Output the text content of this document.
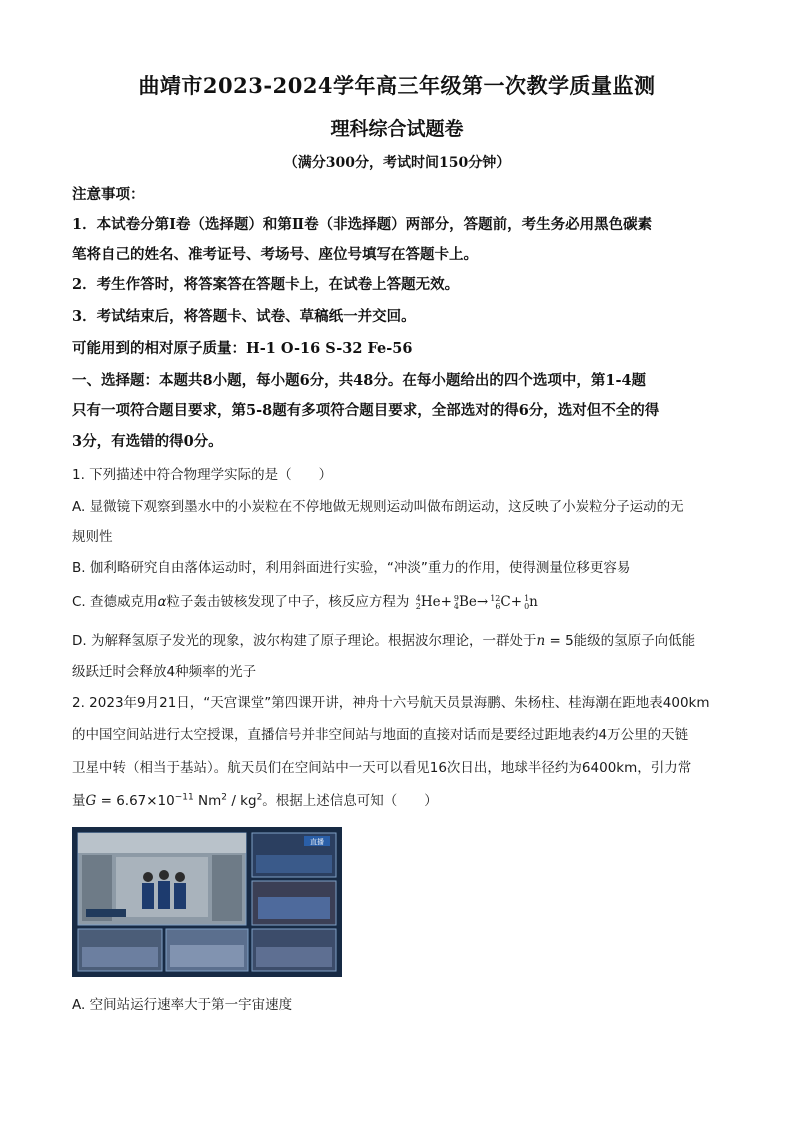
曲靖市2023-2024学年高三年级第一次教学质量监测
理科综合试题卷
（满分300分，考试时间150分钟）
注意事项：
1．本试卷分第Ⅰ卷（选择题）和第Ⅱ卷（非选择题）两部分，答题前，考生务必用黑色碳素
笔将自己的姓名、准考证号、考场号、座位号填写在答题卡上。
2．考生作答时，将答案答在答题卡上，在试卷上答题无效。
3．考试结束后，将答题卡、试卷、草稿纸一并交回。
可能用到的相对原子质量：H-1 O-16 S-32 Fe-56
一、选择题：本题共8小题，每小题6分，共48分。在每小题给出的四个选项中，第1-4题
只有一项符合题目要求，第5-8题有多项符合题目要求，全部选对的得6分，选对但不全的得
3分，有选错的得0分。
1. 下列描述中符合物理学实际的是（　　）
A. 显微镜下观察到墨水中的小炭粒在不停地做无规则运动叫做布朗运动，这反映了小炭粒分子运动的无
规则性
B. 伽利略研究自由落体运动时，利用斜面进行实验，“冲淡”重力的作用，使得测量位移更容易
C. 查德威克用α粒子轰击铍核发现了中子，核反应方程为 4
2 He+ 9
4 Be→ 12
6 C+ 1
0 n
D. 为解释氢原子发光的现象，波尔构建了原子理论。根据波尔理论，一群处于n = 5能级的氢原子向低能
级跃迁时会释放4种频率的光子
2. 2023年9月21日，“天宫课堂”第四课开讲，神舟十六号航天员景海鹏、朱杨柱、桂海潮在距地表400km
的中国空间站进行太空授课，直播信号并非空间站与地面的直接对话而是要经过距地表约4万公里的天链
卫星中转（相当于基站）。航天员们在空间站中一天可以看见16次日出，地球半径约为6400km，引力常
量$G = 6.67\times 10^{-11}$ $Nm^2 / kg^2$。根据上述信息可知（　　）
直播
A. 空间站运行速率大于第一宇宙速度
